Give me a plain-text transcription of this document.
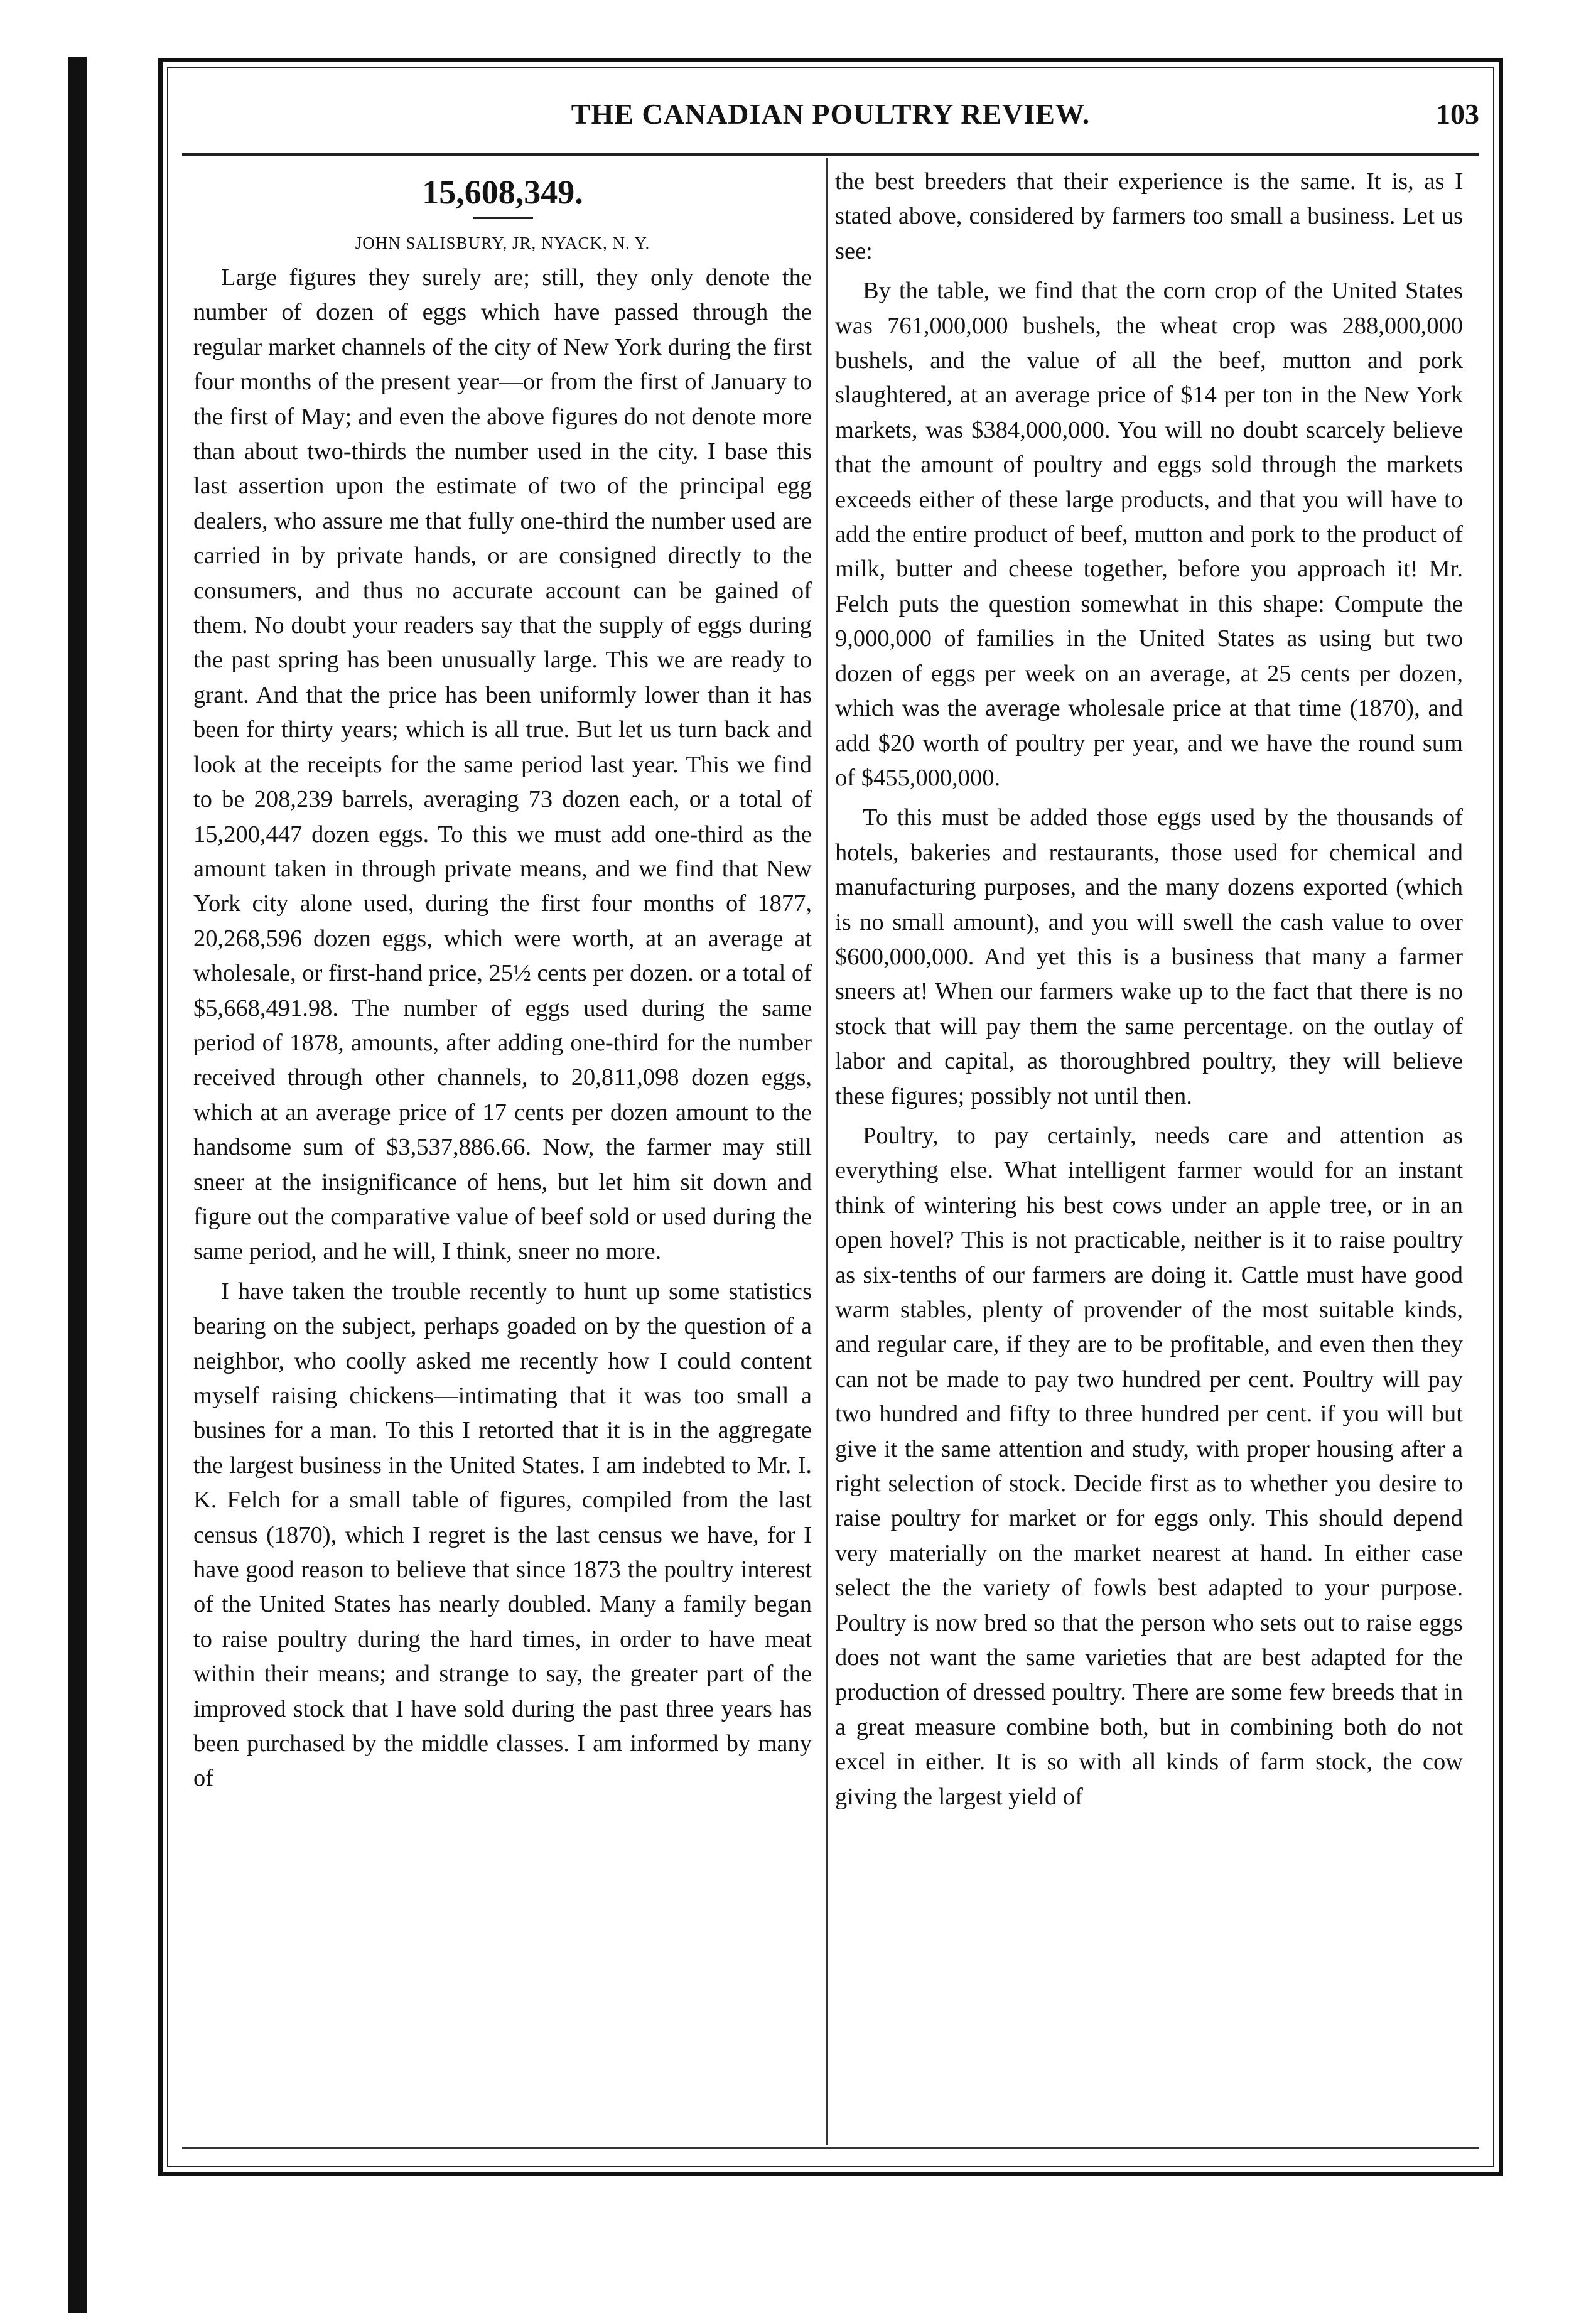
THE CANADIAN POULTRY REVIEW.	103
15,608,349.
JOHN SALISBURY, JR, NYACK, N. Y.

Large figures they surely are; still, they only denote the number of dozen of eggs which have passed through the regular market channels of the city of New York during the first four months of the present year—or from the first of January to the first of May; and even the above figures do not denote more than about two-thirds the number used in the city. I base this last assertion upon the estimate of two of the principal egg dealers, who assure me that fully one-third the number used are carried in by private hands, or are consigned directly to the consumers, and thus no accurate account can be gained of them. No doubt your readers say that the supply of eggs during the past spring has been unusually large. This we are ready to grant. And that the price has been uniformly lower than it has been for thirty years; which is all true. But let us turn back and look at the receipts for the same period last year. This we find to be 208,239 barrels, averaging 73 dozen each, or a total of 15,200,447 dozen eggs. To this we must add one-third as the amount taken in through private means, and we find that New York city alone used, during the first four months of 1877, 20,268,596 dozen eggs, which were worth, at an average at wholesale, or first-hand price, 25½ cents per dozen. or a total of $5,668,491.98. The number of eggs used during the same period of 1878, amounts, after adding one-third for the number received through other channels, to 20,811,098 dozen eggs, which at an average price of 17 cents per dozen amount to the handsome sum of $3,537,886.66. Now, the farmer may still sneer at the insignificance of hens, but let him sit down and figure out the comparative value of beef sold or used during the same period, and he will, I think, sneer no more.

I have taken the trouble recently to hunt up some statistics bearing on the subject, perhaps goaded on by the question of a neighbor, who coolly asked me recently how I could content myself raising chickens—intimating that it was too small a busines for a man. To this I retorted that it is in the aggregate the largest business in the United States. I am indebted to Mr. I. K. Felch for a small table of figures, compiled from the last census (1870), which I regret is the last census we have, for I have good reason to believe that since 1873 the poultry interest of the United States has nearly doubled. Many a family began to raise poultry during the hard times, in order to have meat within their means; and strange to say, the greater part of the improved stock that I have sold during the past three years has been purchased by the middle classes. I am informed by many of

the best breeders that their experience is the same. It is, as I stated above, considered by farmers too small a business. Let us see:

By the table, we find that the corn crop of the United States was 761,000,000 bushels, the wheat crop was 288,000,000 bushels, and the value of all the beef, mutton and pork slaughtered, at an average price of $14 per ton in the New York markets, was $384,000,000. You will no doubt scarcely believe that the amount of poultry and eggs sold through the markets exceeds either of these large products, and that you will have to add the entire product of beef, mutton and pork to the product of milk, butter and cheese together, before you approach it! Mr. Felch puts the question somewhat in this shape: Compute the 9,000,000 of families in the United States as using but two dozen of eggs per week on an average, at 25 cents per dozen, which was the average wholesale price at that time (1870), and add $20 worth of poultry per year, and we have the round sum of $455,000,000.

To this must be added those eggs used by the thousands of hotels, bakeries and restaurants, those used for chemical and manufacturing purposes, and the many dozens exported (which is no small amount), and you will swell the cash value to over $600,000,000. And yet this is a business that many a farmer sneers at! When our farmers wake up to the fact that there is no stock that will pay them the same percentage. on the outlay of labor and capital, as thoroughbred poultry, they will believe these figures; possibly not until then.

Poultry, to pay certainly, needs care and attention as everything else. What intelligent farmer would for an instant think of wintering his best cows under an apple tree, or in an open hovel? This is not practicable, neither is it to raise poultry as six-tenths of our farmers are doing it. Cattle must have good warm stables, plenty of provender of the most suitable kinds, and regular care, if they are to be profitable, and even then they can not be made to pay two hundred per cent. Poultry will pay two hundred and fifty to three hundred per cent. if you will but give it the same attention and study, with proper housing after a right selection of stock. Decide first as to whether you desire to raise poultry for market or for eggs only. This should depend very materially on the market nearest at hand. In either case select the the variety of fowls best adapted to your purpose. Poultry is now bred so that the person who sets out to raise eggs does not want the same varieties that are best adapted for the production of dressed poultry. There are some few breeds that in a great measure combine both, but in combining both do not excel in either. It is so with all kinds of farm stock, the cow giving the largest yield of
